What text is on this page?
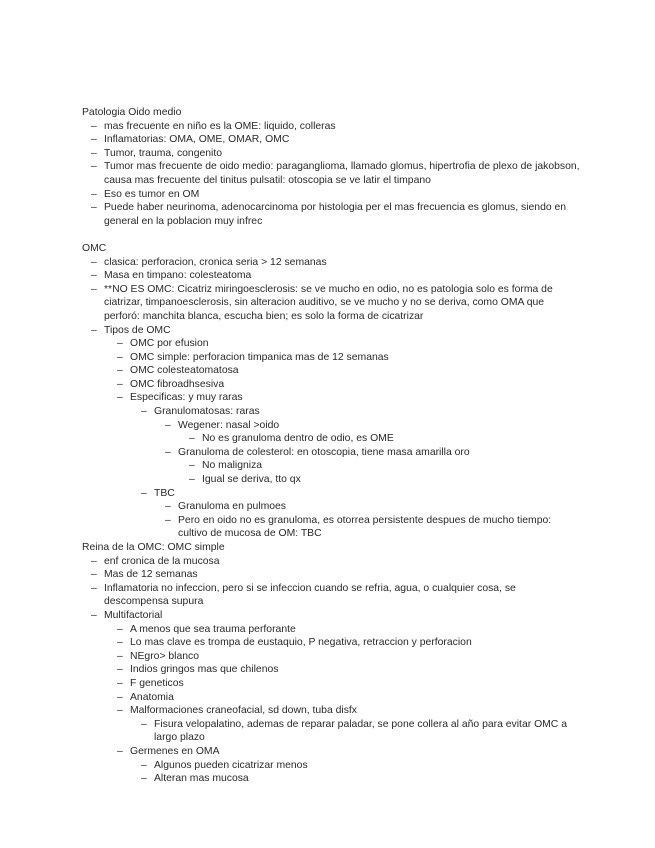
Patologia Oido medio
– mas frecuente en niño es la OME: liquido, colleras
– Inflamatorias: OMA, OME, OMAR, OMC
– Tumor, trauma, congenito
– Tumor mas frecuente de oido medio: paraganglioma, llamado glomus, hipertrofia de plexo de jakobson, causa mas frecuente del tinitus pulsatil: otoscopia se ve latir el timpano
– Eso es tumor en OM
– Puede haber neurinoma, adenocarcinoma por histologia per el mas frecuencia es glomus, siendo en general en la poblacion muy infrec
OMC
– clasica: perforacion, cronica seria > 12 semanas
– Masa en timpano: colesteatoma
– **NO ES OMC: Cicatriz miringoesclerosis: se ve mucho en odio, no es patologia solo es forma de ciatrizar, timpanoesclerosis, sin alteracion auditivo, se ve mucho y no se deriva, como OMA que perforó: manchita blanca, escucha bien; es solo la forma de cicatrizar
– Tipos de OMC
– OMC por efusion
– OMC simple: perforacion timpanica mas de 12 semanas
– OMC colesteatomatosa
– OMC fibroadhsesiva
– Especificas: y muy raras
– Granulomatosas: raras
– Wegener: nasal >oido
– No es granuloma dentro de odio, es OME
– Granuloma de colesterol: en otoscopia, tiene masa amarilla oro
– No maligniza
– Igual se deriva, tto qx
– TBC
– Granuloma en pulmoes
– Pero en oido no es granuloma, es otorrea persistente despues de mucho tiempo: cultivo de mucosa de OM: TBC
Reina de la OMC: OMC simple
– enf cronica de la mucosa
– Mas de 12 semanas
– Inflamatoria no infeccion, pero si se infeccion cuando se refria, agua, o cualquier cosa, se descompensa supura
– Multifactorial
– A menos que sea trauma perforante
– Lo mas clave es trompa de eustaquio, P negativa, retraccion y perforacion
– NEgro> blanco
– Indios gringos mas que chilenos
– F geneticos
– Anatomia
– Malformaciones craneofacial, sd down, tuba disfx
– Fisura velopalatino, ademas de reparar paladar, se pone collera al año para evitar OMC a largo plazo
– Germenes en OMA
– Algunos pueden cicatrizar menos
– Alteran mas mucosa
